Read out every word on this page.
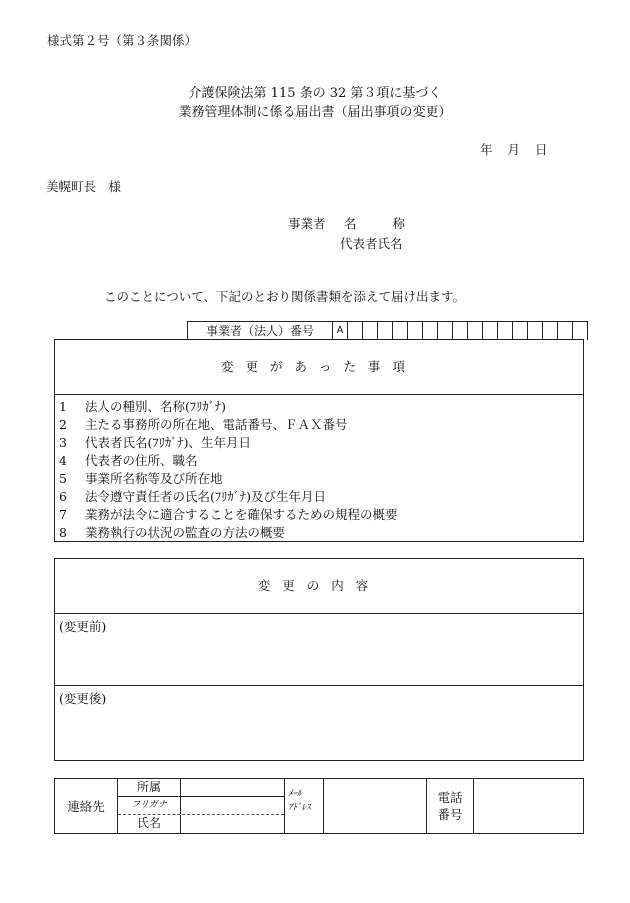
様式第２号（第３条関係）
介護保険法第 115 条の 32 第３項に基づく
業務管理体制に係る届出書（届出事項の変更）
年 月 日
美幌町長　様
事業者 名	称
代表者氏名
このことについて、下記のとおり関係書類を添えて届け出ます。
事業者（法人）番号	A
変更があった事項
1 法人の種別、名称(ﾌﾘｶﾞﾅ)
2 主たる事務所の所在地、電話番号、ＦＡＸ番号
3 代表者氏名(ﾌﾘｶﾞﾅ)、生年月日
4 代表者の住所、職名
5 事業所名称等及び所在地
6 法令遵守責任者の氏名(ﾌﾘｶﾞﾅ)及び生年月日
7 業務が法令に適合することを確保するための規程の概要
8 業務執行の状況の監査の方法の概要
変更の内容
(変更前)
(変更後)
連絡先
所属
フリガナ
氏名
ﾒｰﾙ
ｱﾄﾞﾚｽ
電話
番号
